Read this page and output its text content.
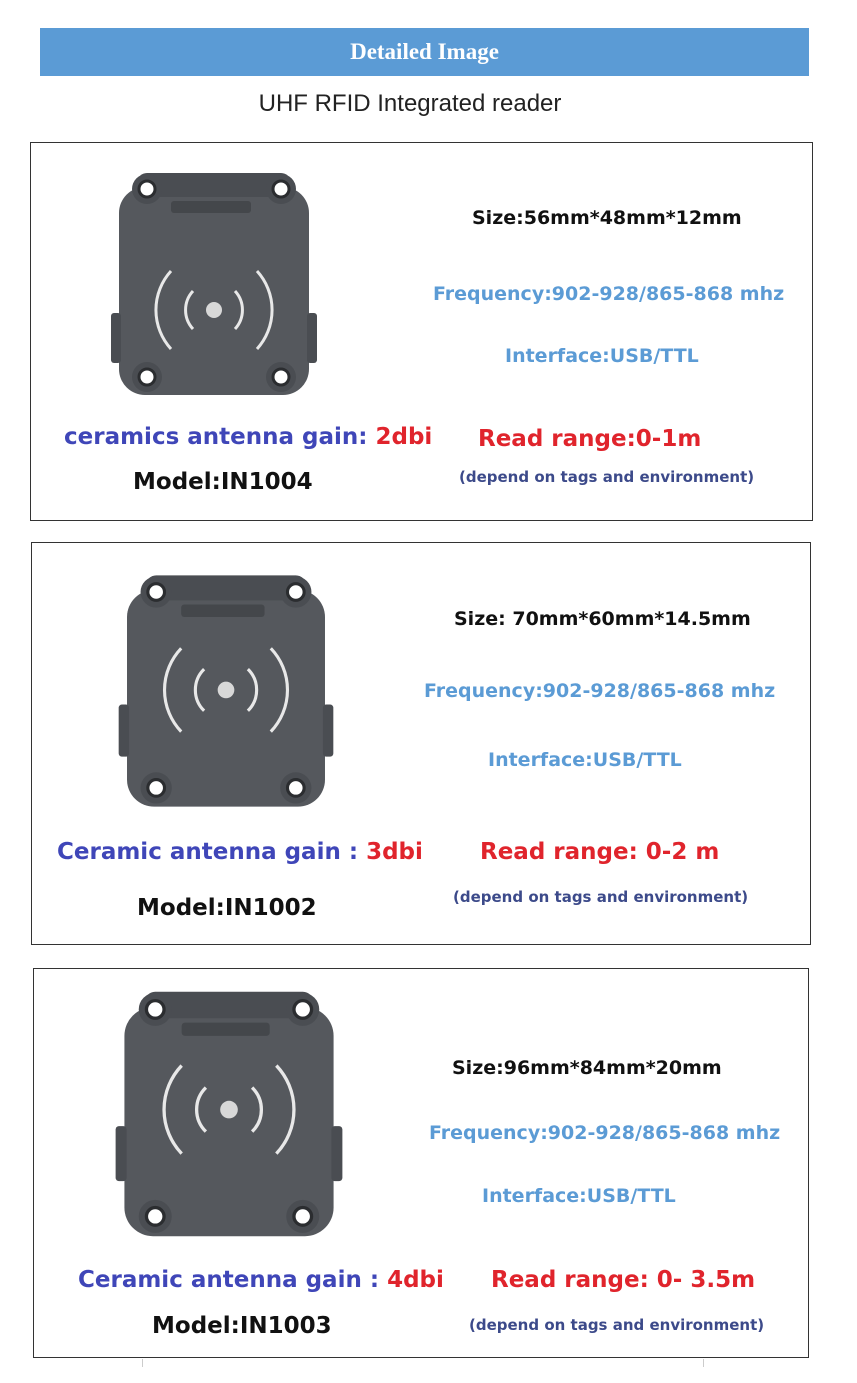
Detailed Image
UHF RFID Integrated reader
Size:56mm*48mm*12mm
Frequency:902-928/865-868 mhz
Interface:USB/TTL
ceramics antenna gain: 2dbi Read range:0-1m
Model:IN1004	(depend on tags and environment)
Size: 70mm*60mm*14.5mm
Frequency:902-928/865-868 mhz
Interface:USB/TTL
Ceramic antenna gain : 3dbi Read range: 0-2 m
Model:IN1002	(depend on tags and environment)
Size:96mm*84mm*20mm
Frequency:902-928/865-868 mhz
Interface:USB/TTL
Ceramic antenna gain : 4dbi Read range: 0- 3.5m
Model:IN1003	(depend on tags and environment)
